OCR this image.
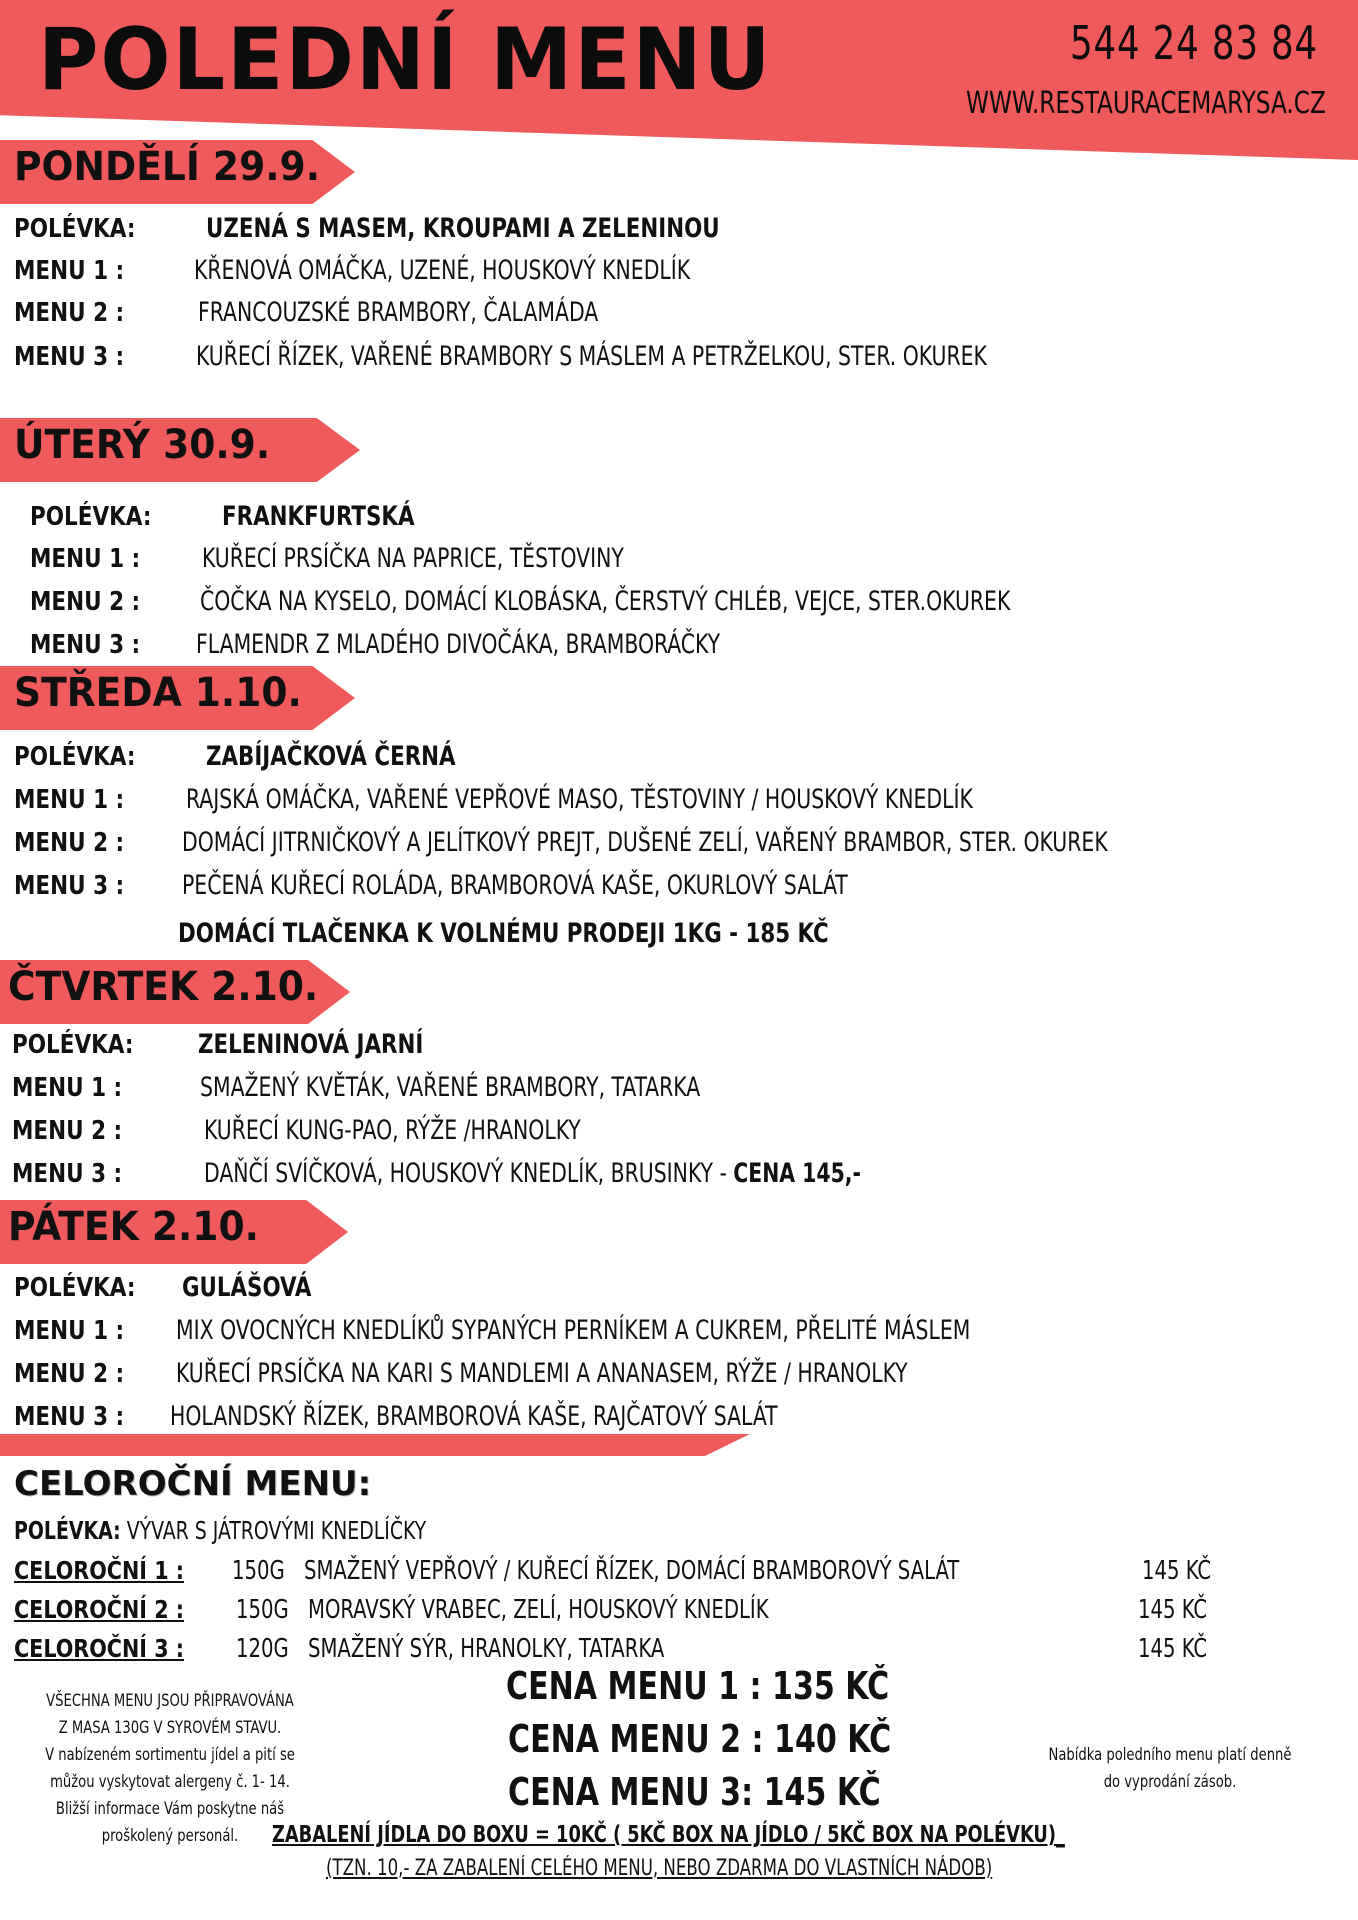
POLEDNÍ MENU	544 24 83 84
WWW.RESTAURACEMARYSA.CZ
PONDĚLÍ 29.9.
POLÉVKA:	UZENÁ S MASEM, KROUPAMI A ZELENINOU
MENU 1 :	KŘENOVÁ OMÁČKA, UZENÉ, HOUSKOVÝ KNEDLÍK
MENU 2 :	FRANCOUZSKÉ BRAMBORY, ČALAMÁDA
MENU 3 :	KUŘECÍ ŘÍZEK, VAŘENÉ BRAMBORY S MÁSLEM A PETRŽELKOU, STER. OKUREK
ÚTERÝ 30.9.
POLÉVKA:	FRANKFURTSKÁ
MENU 1 : KUŘECÍ PRSÍČKA NA PAPRICE, TĚSTOVINY
MENU 2 : ČOČKA NA KYSELO, DOMÁCÍ KLOBÁSKA, ČERSTVÝ CHLÉB, VEJCE, STER.OKUREK
MENU 3 : FLAMENDR Z MLADÉHO DIVOČÁKA, BRAMBORÁČKY
STŘEDA 1.10.
POLÉVKA:	ZABÍJAČKOVÁ ČERNÁ
MENU 1 : RAJSKÁ OMÁČKA, VAŘENÉ VEPŘOVÉ MASO, TĚSTOVINY / HOUSKOVÝ KNEDLÍK
MENU 2 : DOMÁCÍ JITRNIČKOVÝ A JELÍTKOVÝ PREJT, DUŠENÉ ZELÍ, VAŘENÝ BRAMBOR, STER. OKUREK
MENU 3 : PEČENÁ KUŘECÍ ROLÁDA, BRAMBOROVÁ KAŠE, OKURLOVÝ SALÁT
DOMÁCÍ TLAČENKA K VOLNÉMU PRODEJI 1KG - 185 KČ
ČTVRTEK 2.10.
POLÉVKA: ZELENINOVÁ JARNÍ
MENU 1 :	SMAŽENÝ KVĚTÁK, VAŘENÉ BRAMBORY, TATARKA
MENU 2 :	KUŘECÍ KUNG-PAO, RÝŽE /HRANOLKY
MENU 3 :	DAŇČÍ SVÍČKOVÁ, HOUSKOVÝ KNEDLÍK, BRUSINKY - CENA 145,-
PÁTEK 2.10.
POLÉVKA: GULÁŠOVÁ
MENU 1 : MIX OVOCNÝCH KNEDLÍKŮ SYPANÝCH PERNÍKEM A CUKREM, PŘELITÉ MÁSLEM
MENU 2 : KUŘECÍ PRSÍČKA NA KARI S MANDLEMI A ANANASEM, RÝŽE / HRANOLKY
MENU 3 : HOLANDSKÝ ŘÍZEK, BRAMBOROVÁ KAŠE, RAJČATOVÝ SALÁT
CELOROČNÍ MENU:
POLÉVKA: VÝVAR S JÁTROVÝMI KNEDLÍČKY
CELOROČNÍ 1 : 150G SMAŽENÝ VEPŘOVÝ / KUŘECÍ ŘÍZEK, DOMÁCÍ BRAMBOROVÝ SALÁT	145 KČ
CELOROČNÍ 2 : 150G MORAVSKÝ VRABEC, ZELÍ, HOUSKOVÝ KNEDLÍK	145 KČ
CELOROČNÍ 3 : 120G SMAŽENÝ SÝR, HRANOLKY, TATARKA	145 KČ
CENA MENU 1 : 135 KČ
CENA MENU 2 : 140 KČ
CENA MENU 3: 145 KČ
VŠECHNA MENU JSOU PŘIPRAVOVÁNA
Z MASA 130G V SYROVÉM STAVU.
V nabízeném sortimentu jídel a pití se
můžou vyskytovat alergeny č. 1- 14.
Bližší informace Vám poskytne náš
proškolený personál.
Nabídka poledního menu platí denně
do vyprodání zásob.
ZABALENÍ JÍDLA DO BOXU = 10KČ ( 5KČ BOX NA JÍDLO / 5KČ BOX NA POLÉVKU)_
(TZN. 10,- ZA ZABALENÍ CELÉHO MENU, NEBO ZDARMA DO VLASTNÍCH NÁDOB)
